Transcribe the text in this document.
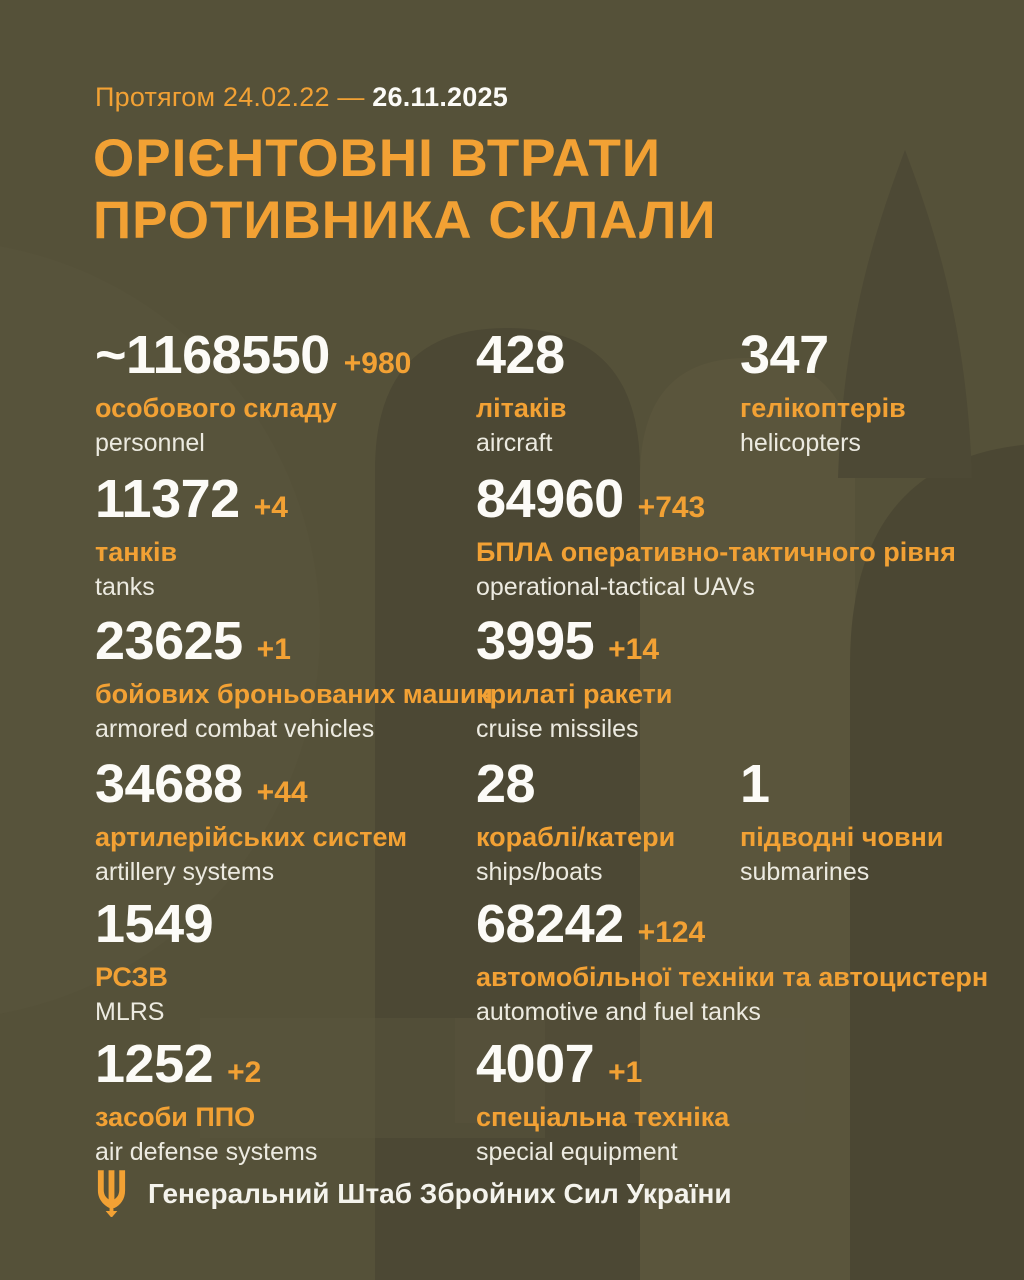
Протягом 24.02.22 — 26.11.2025
ОРІЄНТОВНІ ВТРАТИ
ПРОТИВНИКА СКЛАЛИ
~1168550 +980
особового складу
personnel
428
літаків
aircraft
347
гелікоптерів
helicopters
11372 +4
танків
tanks
84960 +743
БПЛА оперативно-тактичного рівня
operational-tactical UAVs
23625 +1
бойових броньованих машин
armored combat vehicles
3995 +14
крилаті ракети
cruise missiles
34688 +44
артилерійських систем
artillery systems
28
кораблі/катери
ships/boats
1
підводні човни
submarines
1549
РСЗВ
MLRS
68242 +124
автомобільної техніки та автоцистерн
automotive and fuel tanks
1252 +2
засоби ППО
air defense systems
4007 +1
спеціальна техніка
special equipment
Генеральний Штаб Збройних Сил України
